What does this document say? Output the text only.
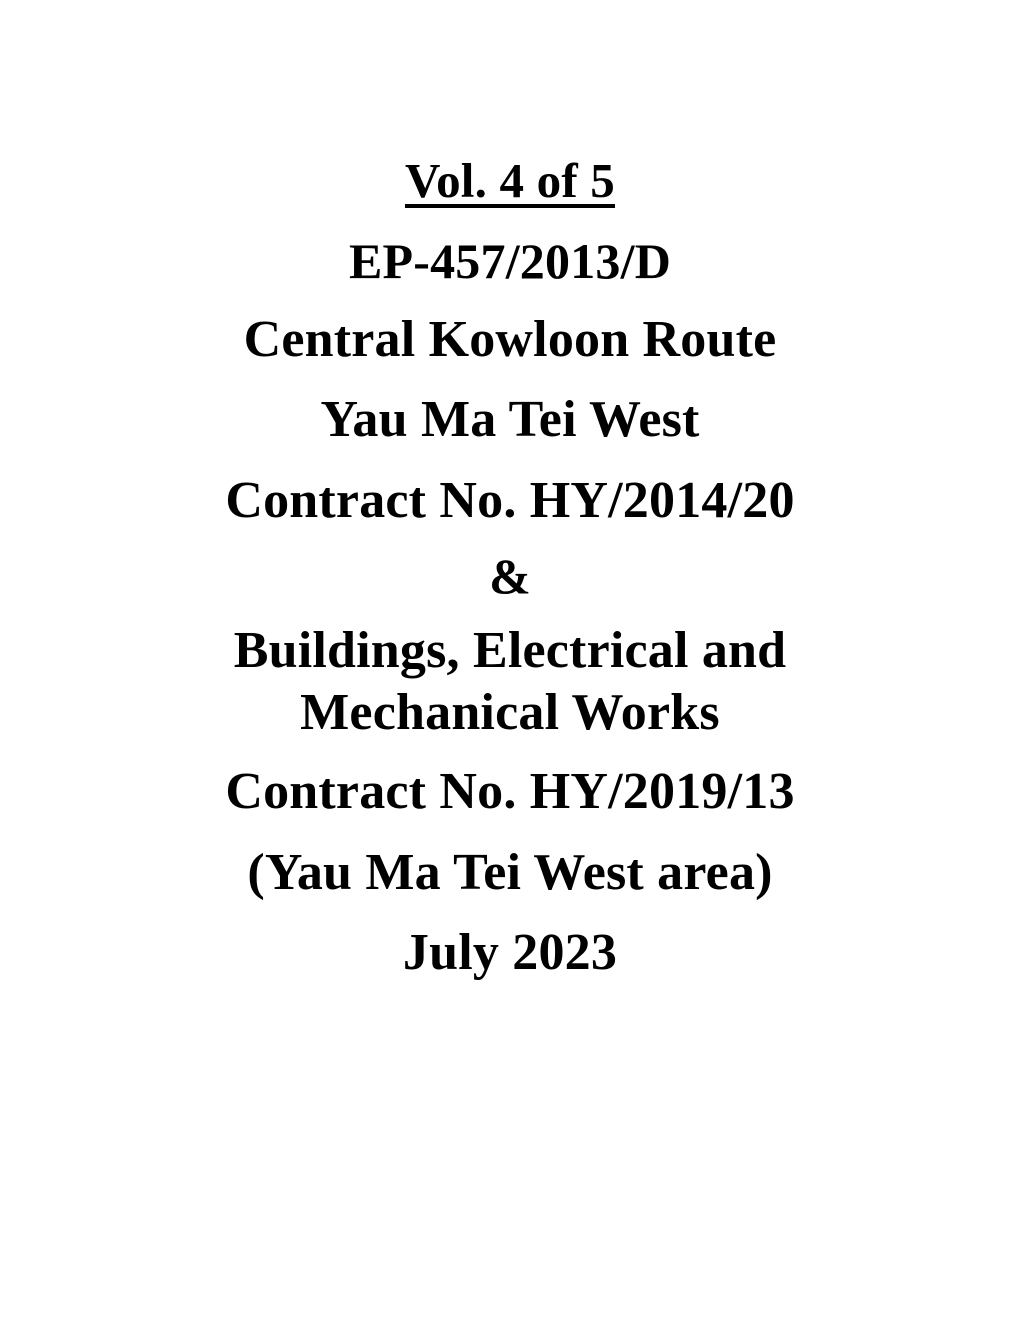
Vol. 4 of 5
EP-457/2013/D
Central Kowloon Route
Yau Ma Tei West
Contract No. HY/2014/20
&
Buildings, Electrical and Mechanical Works
Contract No. HY/2019/13
(Yau Ma Tei West area)
July 2023
